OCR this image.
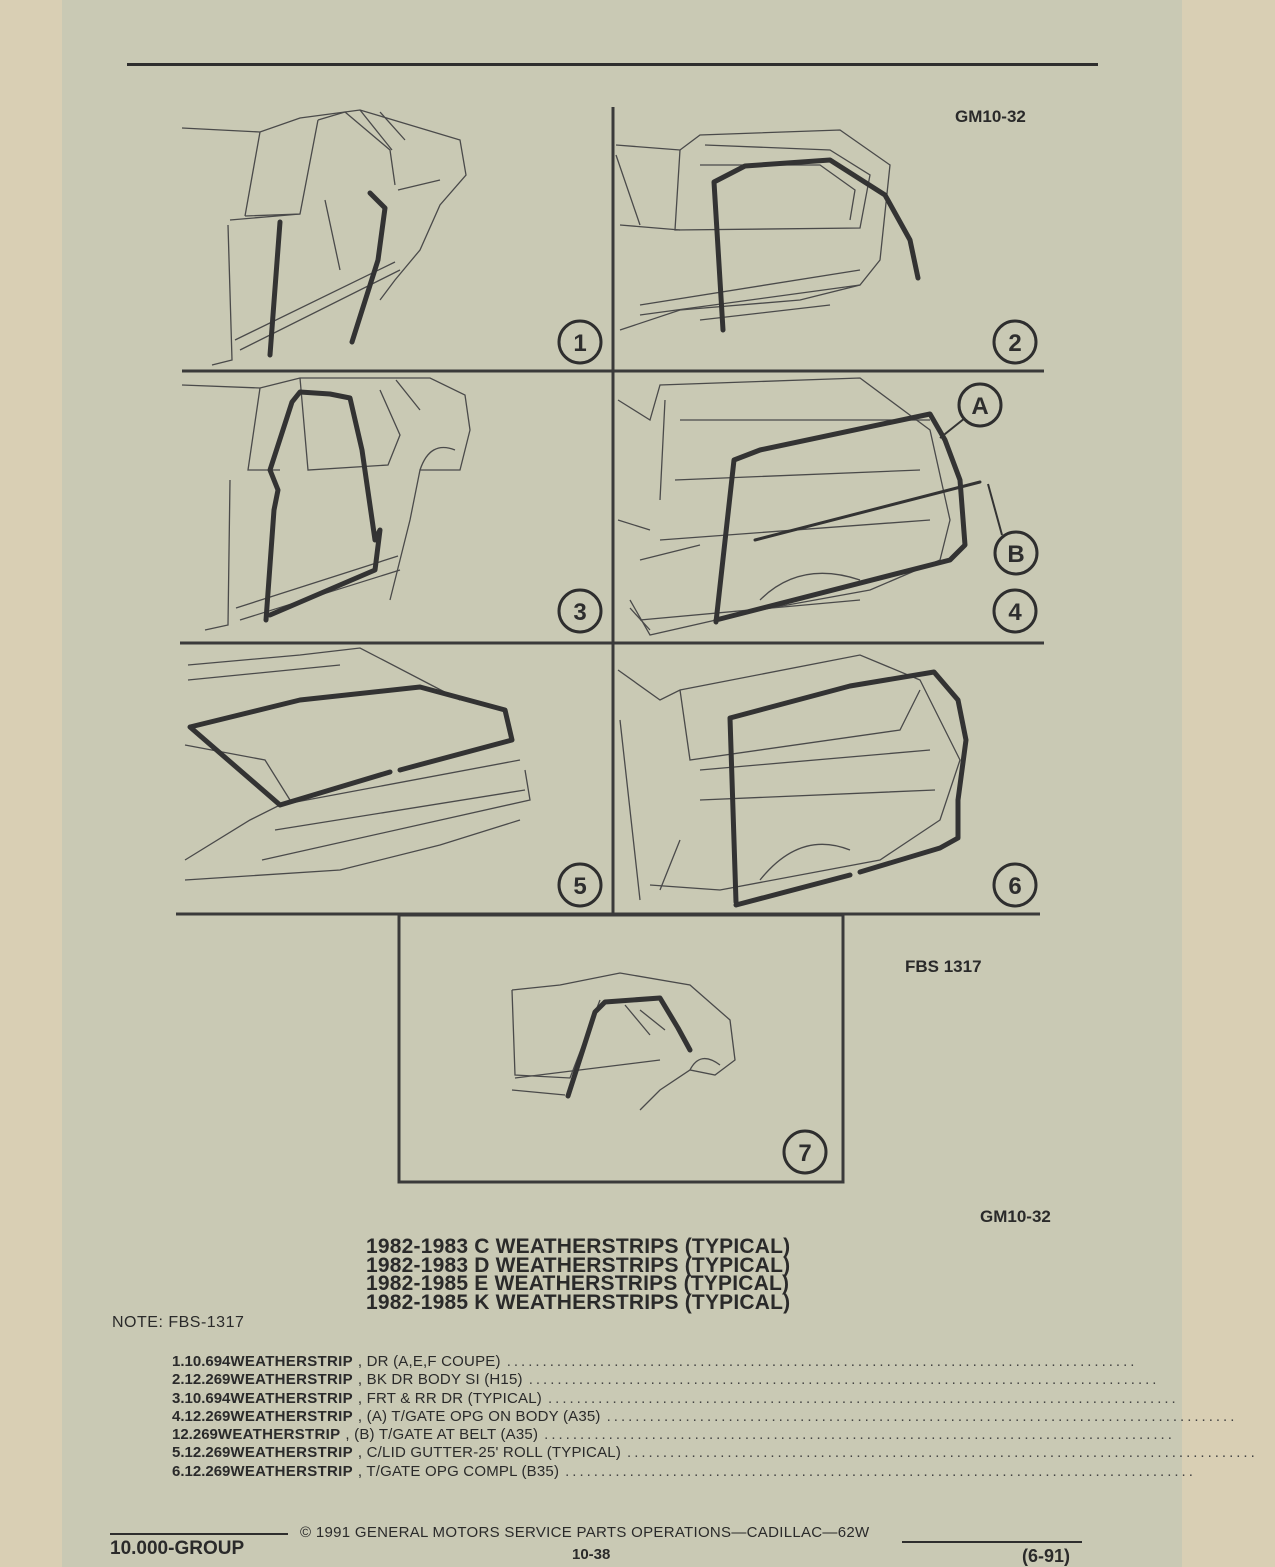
1	2
3	4
5	6
7
A
B
GM10-32
FBS 1317
GM10-32
1982-1983 C WEATHERSTRIPS (TYPICAL)
1982-1983 D WEATHERSTRIPS (TYPICAL)
1982-1985 E WEATHERSTRIPS (TYPICAL)
1982-1985 K WEATHERSTRIPS (TYPICAL)
NOTE: FBS-1317
1. 10.694 WEATHERSTRIP , DR (A,E,F COUPE) ........................................................................................
2. 12.269 WEATHERSTRIP , BK DR BODY SI (H15) ........................................................................................
3. 10.694 WEATHERSTRIP , FRT & RR DR (TYPICAL) ........................................................................................
4. 12.269 WEATHERSTRIP , (A) T/GATE OPG ON BODY (A35) ........................................................................................
12.269 WEATHERSTRIP , (B) T/GATE AT BELT (A35) ........................................................................................
5. 12.269 WEATHERSTRIP , C/LID GUTTER-25' ROLL (TYPICAL) ........................................................................................
6. 12.269 WEATHERSTRIP , T/GATE OPG COMPL (B35) ........................................................................................
10.000-GROUP
© 1991 GENERAL MOTORS SERVICE PARTS OPERATIONS—CADILLAC—62W
10-38	(6-91)
